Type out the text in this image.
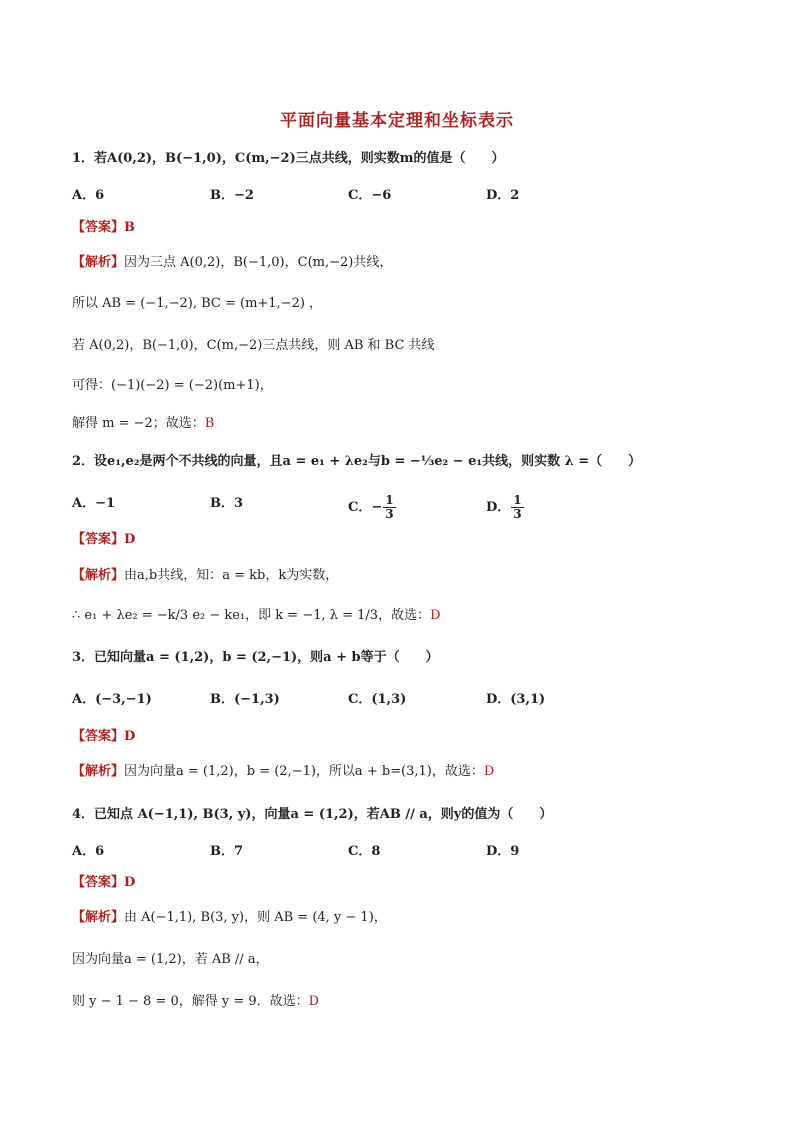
平面向量基本定理和坐标表示
1．若A(0,2)，B(−1,0)，C(m,−2)三点共线，则实数m的值是（　　）
A．6	B．−2	C．−6	D．2
【答案】B
【解析】因为三点 A(0,2)，B(−1,0)，C(m,−2)共线，
所以 AB = (−1,−2), BC = (m+1,−2) ，
若 A(0,2)，B(−1,0)，C(m,−2)三点共线，则 AB 和 BC 共线
可得：(−1)(−2) = (−2)(m+1)，
解得 m = −2；故选：B
2．设e₁,e₂是两个不共线的向量，且a = e₁ + λe₂与b = −⅓e₂ − e₁共线，则实数 λ =（　　）
A．−1	B．3	C．− $\frac{1}{3}$	D． $\frac{1}{3}$
【答案】D
【解析】由a,b共线，知：a = kb，k为实数，
∴ e₁ + λe₂ = −k/3 e₂ − ke₁，即 k = −1, λ = 1/3，故选：D
3．已知向量a = (1,2)，b = (2,−1)，则a + b等于（　　）
A．(−3,−1)	B．(−1,3)	C．(1,3)	D．(3,1)
【答案】D
【解析】因为向量a = (1,2)，b = (2,−1)，所以a + b=(3,1)，故选：D
4．已知点 A(−1,1), B(3, y)，向量a = (1,2)，若AB // a，则y的值为（　　）
A．6	B．7	C．8	D．9
【答案】D
【解析】由 A(−1,1), B(3, y)，则 AB = (4, y − 1)，
因为向量a = (1,2)，若 AB // a，
则 y − 1 − 8 = 0，解得 y = 9．故选：D
